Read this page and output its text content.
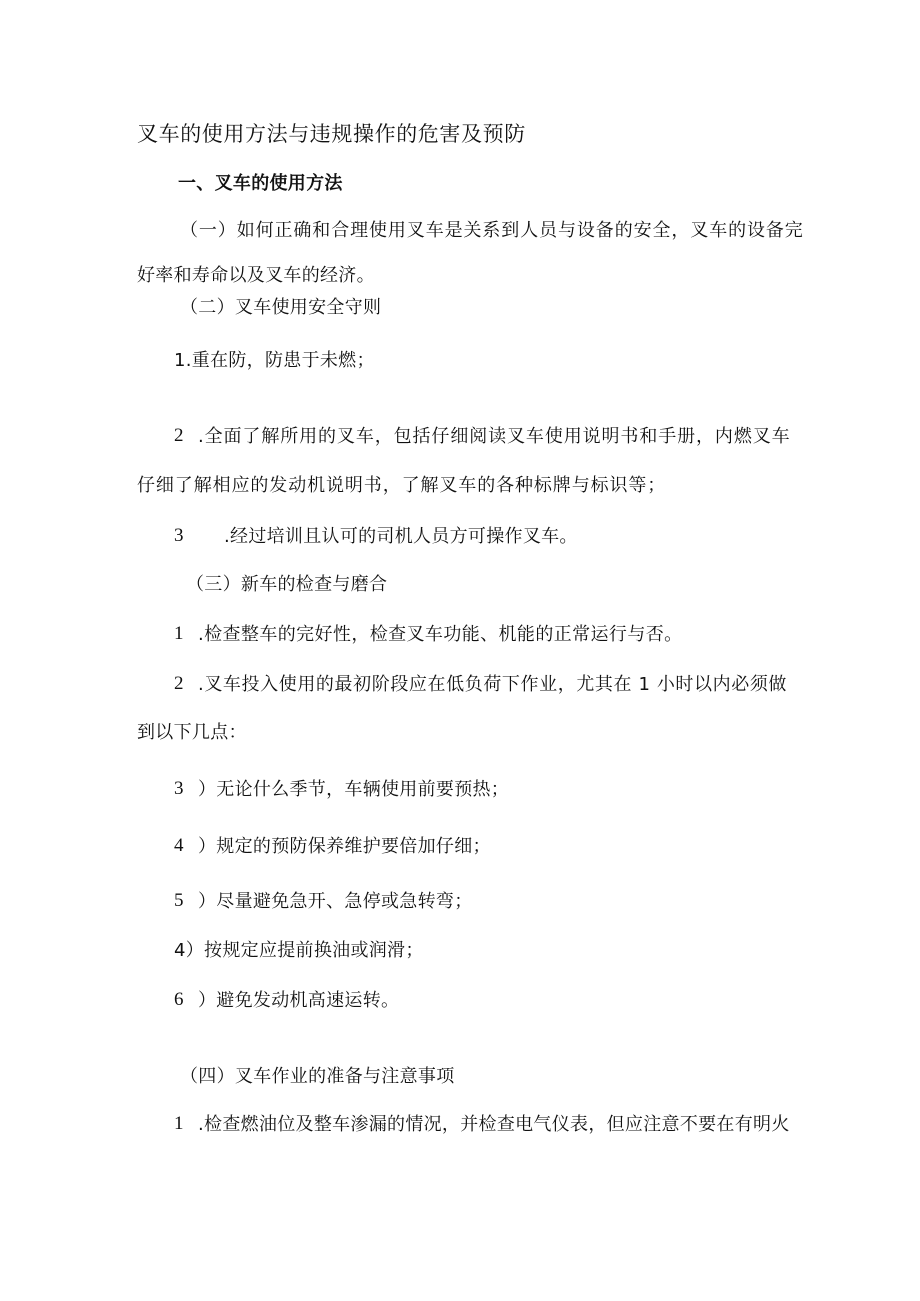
叉车的使用方法与违规操作的危害及预防
一、叉车的使用方法
（一）如何正确和合理使用叉车是关系到人员与设备的安全，叉车的设备完
好率和寿命以及叉车的经济。
（二）叉车使用安全守则
1.重在防，防患于未燃；
2 .全面了解所用的叉车，包括仔细阅读叉车使用说明书和手册，内燃叉车
仔细了解相应的发动机说明书，了解叉车的各种标牌与标识等；
3 .经过培训且认可的司机人员方可操作叉车。
（三）新车的检查与磨合
1 .检查整车的完好性，检查叉车功能、机能的正常运行与否。
2 .叉车投入使用的最初阶段应在低负荷下作业，尤其在 1 小时以内必须做
到以下几点：
3 ）无论什么季节，车辆使用前要预热；
4 ）规定的预防保养维护要倍加仔细；
5 ）尽量避免急开、急停或急转弯；
4）按规定应提前换油或润滑；
6 ）避免发动机高速运转。
（四）叉车作业的准备与注意事项
1 .检查燃油位及整车渗漏的情况，并检查电气仪表，但应注意不要在有明火
